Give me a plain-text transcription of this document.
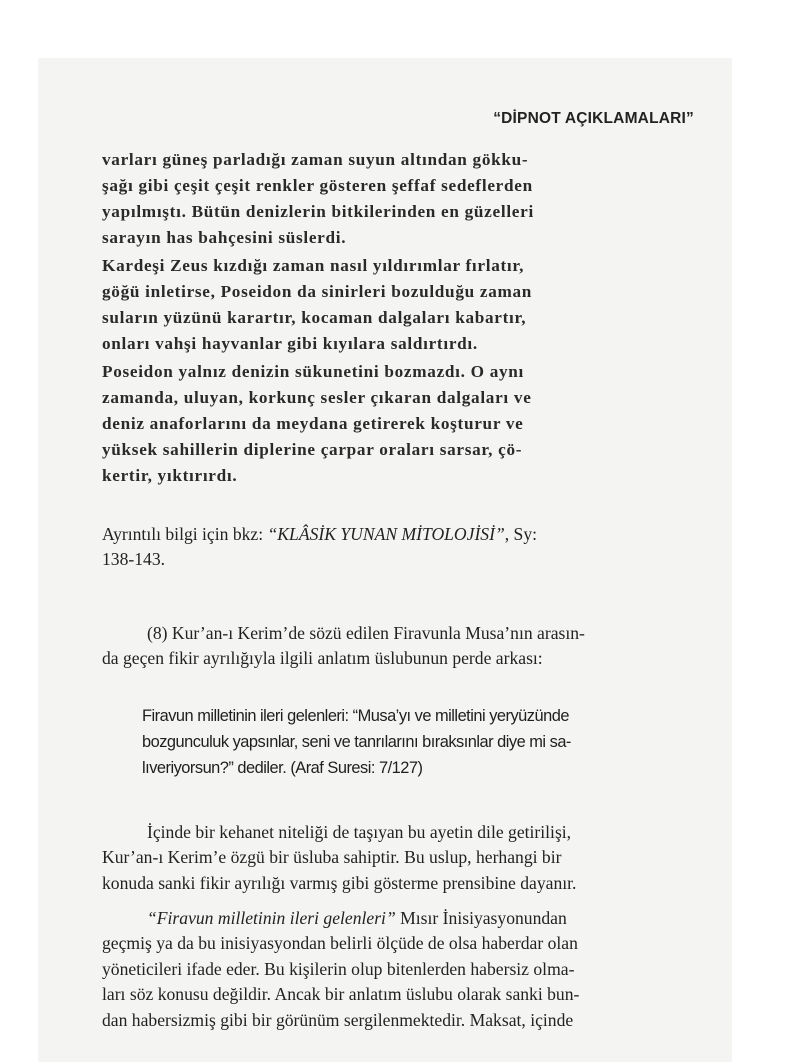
“DİPNOT AÇIKLAMALARI”

varları güneş parladığı zaman suyun altından gökku-

şağı gibi çeşit çeşit renkler gösteren şeffaf sedeflerden

yapılmıştı. Bütün denizlerin bitkilerinden en güzelleri

sarayın has bahçesini süslerdi.

Kardeşi Zeus kızdığı zaman nasıl yıldırımlar fırlatır,

göğü inletirse, Poseidon da sinirleri bozulduğu zaman

suların yüzünü karartır, kocaman dalgaları kabartır,

onları vahşi hayvanlar gibi kıyılara saldırtırdı.

Poseidon yalnız denizin sükunetini bozmazdı. O aynı

zamanda, uluyan, korkunç sesler çıkaran dalgaları ve

deniz anaforlarını da meydana getirerek koşturur ve

yüksek sahillerin diplerine çarpar oraları sarsar, çö-

kertir, yıktırırdı.

Ayrıntılı bilgi için bkz: “KLÂSİK YUNAN MİTOLOJİSİ”, Sy:

138-143.

(8) Kur’an-ı Kerim’de sözü edilen Firavunla Musa’nın arasın-

da geçen fikir ayrılığıyla ilgili anlatım üslubunun perde arkası:

Firavun milletinin ileri gelenleri: “Musa’yı ve milletini yeryüzünde
bozgunculuk yapsınlar, seni ve tanrılarını bıraksınlar diye mi sa-
lıveriyorsun?” dediler. (Araf Suresi: 7/127)

İçinde bir kehanet niteliği de taşıyan bu ayetin dile getirilişi,

Kur’an-ı Kerim’e özgü bir üsluba sahiptir. Bu uslup, herhangi bir

konuda sanki fikir ayrılığı varmış gibi gösterme prensibine dayanır.

“Firavun milletinin ileri gelenleri” Mısır İnisiyasyonundan

geçmiş ya da bu inisiyasyondan belirli ölçüde de olsa haberdar olan

yöneticileri ifade eder. Bu kişilerin olup bitenlerden habersiz olma-

ları söz konusu değildir. Ancak bir anlatım üslubu olarak sanki bun-

dan habersizmiş gibi bir görünüm sergilenmektedir. Maksat, içinde
